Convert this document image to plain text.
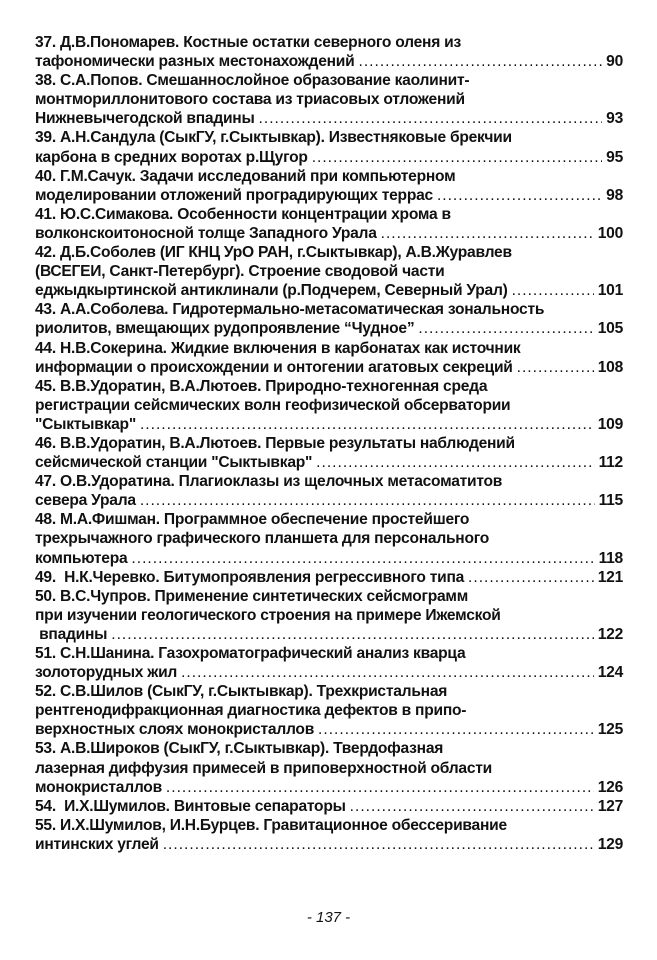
37. Д.В.Пономарев. Костные остатки северного оленя из
тафономически разных местонахождений .....	90
38. С.А.Попов. Смешаннослойное образование каолинит-
монтмориллонитового состава из триасовых отложений
Нижневычегодской впадины .....	93
39. А.Н.Сандула (СыкГУ, г.Сыктывкар). Известняковые брекчии
карбона в средних воротах р.Щугор .....	95
40. Г.М.Сачук. Задачи исследований при компьютерном
моделировании отложений проградирующих террас .....	98
41. Ю.С.Симакова. Особенности концентрации хрома в
волконскоитоносной толще Западного Урала .....	100
42. Д.Б.Соболев (ИГ КНЦ УрО РАН, г.Сыктывкар), А.В.Журавлев
(ВСЕГЕИ, Санкт-Петербург). Строение сводовой части
еджыдкыртинской антиклинали (р.Подчерем, Северный Урал) .....	101
43. А.А.Соболева. Гидротермально-метасоматическая зональность
риолитов, вмещающих рудопроявление “Чудное” .....	105
44. Н.В.Сокерина. Жидкие включения в карбонатах как источник
информации о происхождении и онтогении агатовых секреций .....	108
45. В.В.Удоратин, В.А.Лютоев. Природно-техногенная среда
регистрации сейсмических волн геофизической обсерватории
"Сыктывкар" .....	109
46. В.В.Удоратин, В.А.Лютоев. Первые результаты наблюдений
сейсмической станции "Сыктывкар" .....	112
47. О.В.Удоратина. Плагиоклазы из щелочных метасоматитов
севера Урала .....	115
48. М.А.Фишман. Программное обеспечение простейшего
трехрычажного графического планшета для персонального
компьютера .....	118
49.  Н.К.Черевко. Битумопроявления регрессивного типа .....	121
50. В.С.Чупров. Применение синтетических сейсмограмм
при изучении геологического строения на примере Ижемской
впадины .....	122
51. С.Н.Шанина. Газохроматографический анализ кварца
золоторудных жил .....	124
52. С.В.Шилов (СыкГУ, г.Сыктывкар). Трехкристальная
рентгенодифракционная диагностика дефектов в припо-
верхностных слоях монокристаллов .....	125
53. А.В.Широков (СыкГУ, г.Сыктывкар). Твердофазная
лазерная диффузия примесей в приповерхностной области
монокристаллов .....	126
54.  И.Х.Шумилов. Винтовые сепараторы .....	127
55. И.Х.Шумилов, И.Н.Бурцев. Гравитационное обессеривание
интинских углей .....	129
- 137 -
